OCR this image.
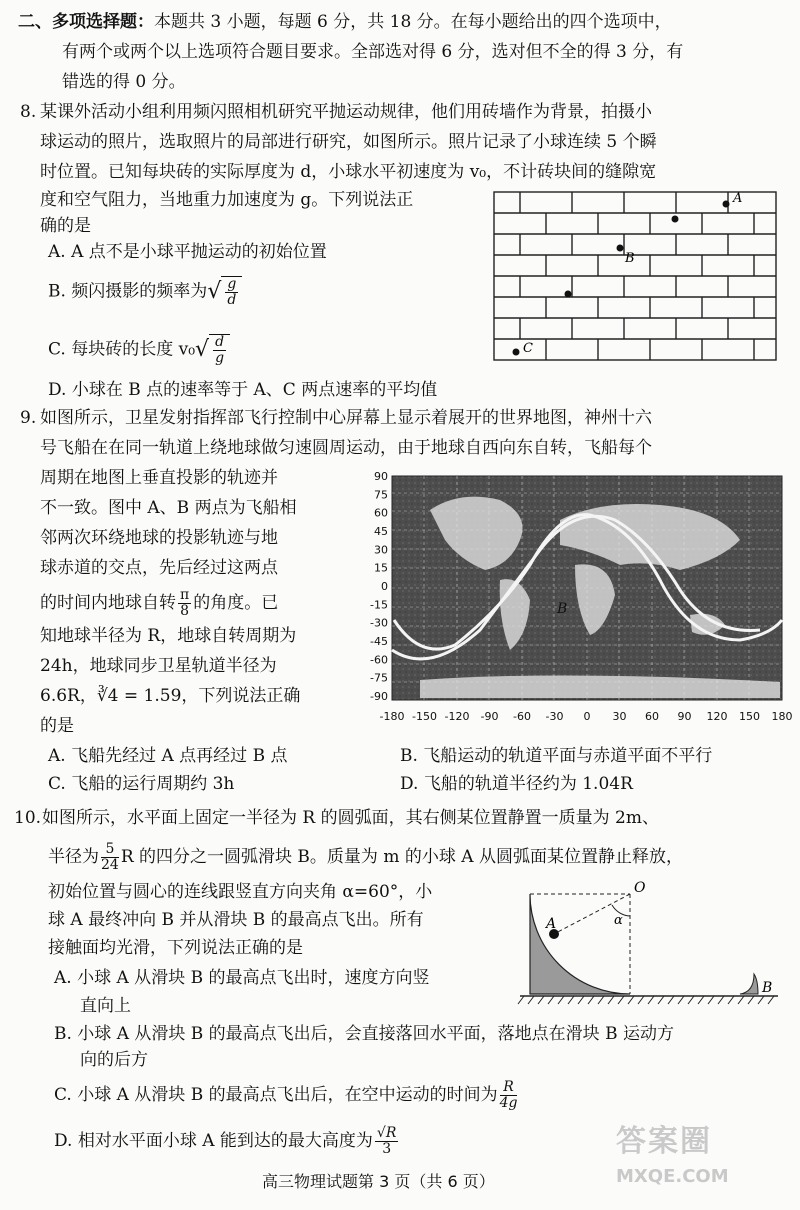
二、多项选择题：本题共 3 小题，每题 6 分，共 18 分。在每小题给出的四个选项中，
有两个或两个以上选项符合题目要求。全部选对得 6 分，选对但不全的得 3 分，有
错选的得 0 分。
8. 某课外活动小组利用频闪照相机研究平抛运动规律，他们用砖墙作为背景，拍摄小
球运动的照片，选取照片的局部进行研究，如图所示。照片记录了小球连续 5 个瞬
时位置。已知每块砖的实际厚度为 d，小球水平初速度为 v₀，不计砖块间的缝隙宽
度和空气阻力，当地重力加速度为 g。下列说法正
确的是
A. A 点不是小球平抛运动的初始位置
B. 频闪摄影的频率为√ $\frac{g}{d}$
C. 每块砖的长度 $v_0√ \frac{d}{g}$
D. 小球在 B 点的速率等于 A、C 两点速率的平均值
A
B
C
9. 如图所示，卫星发射指挥部飞行控制中心屏幕上显示着展开的世界地图，神州十六
号飞船在在同一轨道上绕地球做匀速圆周运动，由于地球自西向东自转，飞船每个
周期在地图上垂直投影的轨迹并
不一致。图中 A、B 两点为飞船相
邻两次环绕地球的投影轨迹与地
球赤道的交点，先后经过这两点
的时间内地球自转 $\frac{\pi}{8}$ 的角度。已
知地球半径为 R，地球自转周期为
24h，地球同步卫星轨道半径为
6.6R，∛4 = 1.59，下列说法正确
的是
A. 飞船先经过 A 点再经过 B 点	B. 飞船运动的轨道平面与赤道平面不平行
C. 飞船的运行周期约 3h	D. 飞船的轨道半径约为 1.04R
B
90
75
60
45
30
15
0
-15
-30
-45
-60
-75
-90
-180 -150 -120 -90 -60 -30 0 30 60 90 120 150 180
10. 如图所示，水平面上固定一半径为 R 的圆弧面，其右侧某位置静置一质量为 2m、
半径为 $\frac{5}{24}$ R 的四分之一圆弧滑块 B。质量为 m 的小球 A 从圆弧面某位置静止释放，
初始位置与圆心的连线跟竖直方向夹角 α=60°，小
球 A 最终冲向 B 并从滑块 B 的最高点飞出。所有
接触面均光滑，下列说法正确的是
A. 小球 A 从滑块 B 的最高点飞出时，速度方向竖
直向上
B. 小球 A 从滑块 B 的最高点飞出后，会直接落回水平面，落地点在滑块 B 运动方
向的后方
C. 小球 A 从滑块 B 的最高点飞出后，在空中运动的时间为 $\frac{R}{4g}$
D. 相对水平面小球 A 能到达的最大高度为 $\frac{√R}{3}$
O
A	α
B
高三物理试题第 3 页（共 6 页）
答案圈
MXQE.COM
